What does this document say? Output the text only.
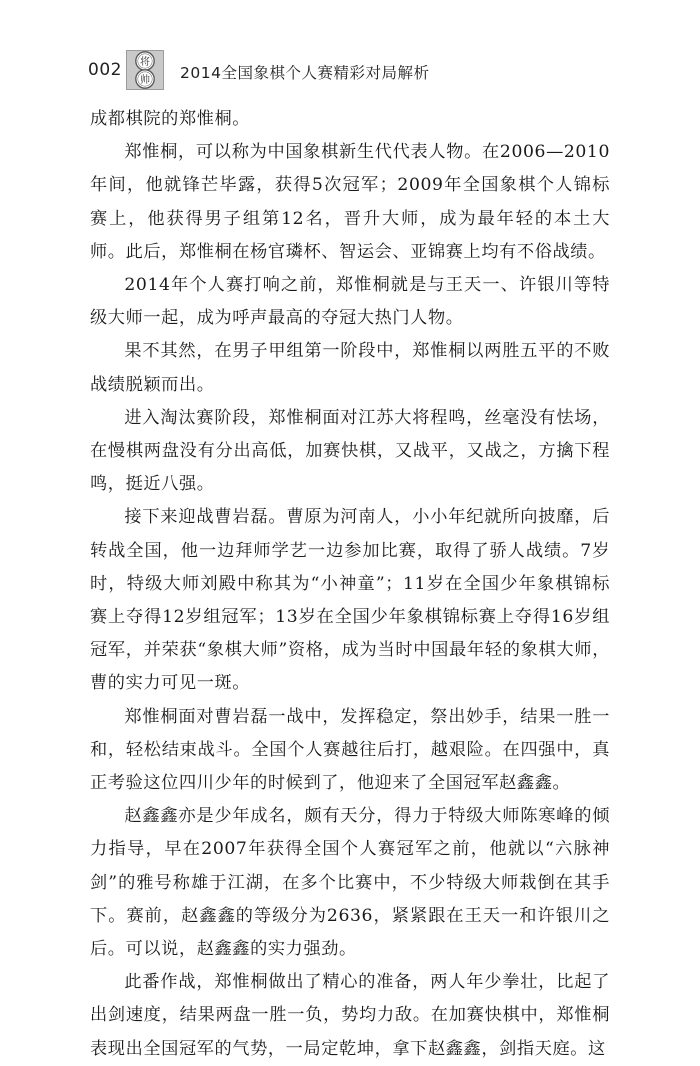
002 将
帅 2014全国象棋个人赛精彩对局解析

成都棋院的郑惟桐。

郑惟桐，可以称为中国象棋新生代代表人物。在2006—2010年间，他就锋芒毕露，获得5次冠军；2009年全国象棋个人锦标赛上，他获得男子组第12名，晋升大师，成为最年轻的本土大师。此后，郑惟桐在杨官璘杯、智运会、亚锦赛上均有不俗战绩。

2014年个人赛打响之前，郑惟桐就是与王天一、许银川等特级大师一起，成为呼声最高的夺冠大热门人物。

果不其然，在男子甲组第一阶段中，郑惟桐以两胜五平的不败战绩脱颖而出。

进入淘汰赛阶段，郑惟桐面对江苏大将程鸣，丝毫没有怯场，在慢棋两盘没有分出高低，加赛快棋，又战平，又战之，方擒下程鸣，挺近八强。

接下来迎战曹岩磊。曹原为河南人，小小年纪就所向披靡，后转战全国，他一边拜师学艺一边参加比赛，取得了骄人战绩。7岁时，特级大师刘殿中称其为“小神童”；11岁在全国少年象棋锦标赛上夺得12岁组冠军；13岁在全国少年象棋锦标赛上夺得16岁组冠军，并荣获“象棋大师”资格，成为当时中国最年轻的象棋大师，曹的实力可见一斑。

郑惟桐面对曹岩磊一战中，发挥稳定，祭出妙手，结果一胜一和，轻松结束战斗。全国个人赛越往后打，越艰险。在四强中，真正考验这位四川少年的时候到了，他迎来了全国冠军赵鑫鑫。

赵鑫鑫亦是少年成名，颇有天分，得力于特级大师陈寒峰的倾力指导，早在2007年获得全国个人赛冠军之前，他就以“六脉神剑”的雅号称雄于江湖，在多个比赛中，不少特级大师栽倒在其手下。赛前，赵鑫鑫的等级分为2636，紧紧跟在王天一和许银川之后。可以说，赵鑫鑫的实力强劲。

此番作战，郑惟桐做出了精心的准备，两人年少拳壮，比起了出剑速度，结果两盘一胜一负，势均力敌。在加赛快棋中，郑惟桐表现出全国冠军的气势，一局定乾坤，拿下赵鑫鑫，剑指天庭。这
